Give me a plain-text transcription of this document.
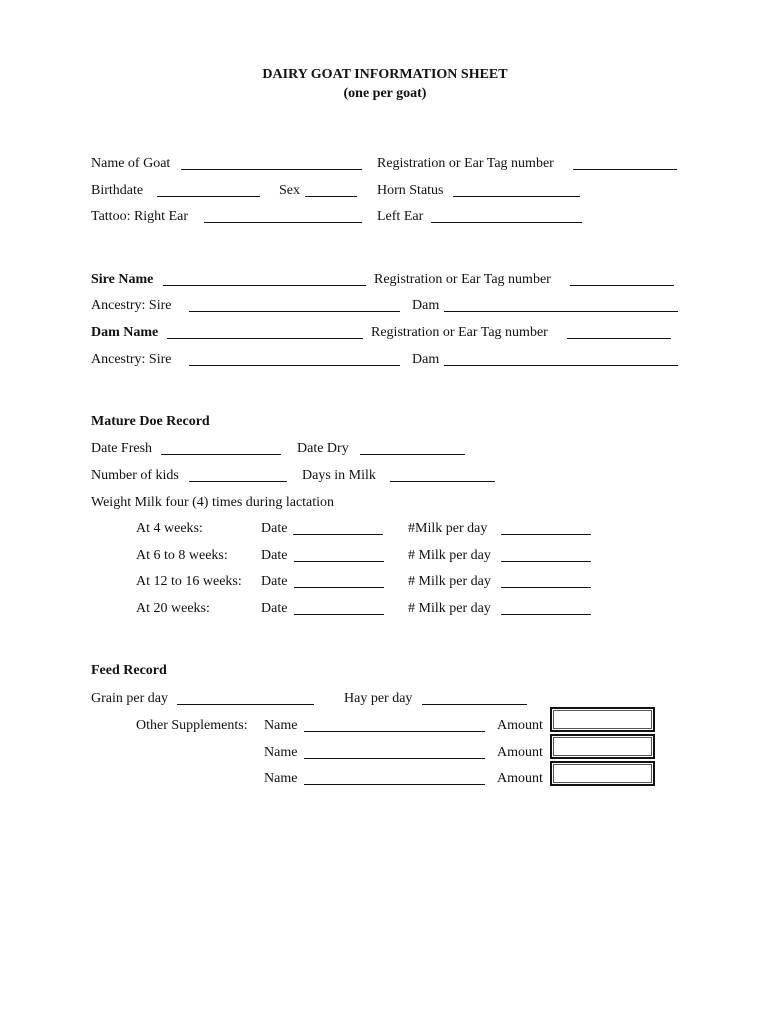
DAIRY GOAT INFORMATION SHEET
(one per goat)
Name of Goat	Registration or Ear Tag number
Birthdate	Sex	Horn Status
Tattoo: Right Ear	Left Ear
Sire Name	Registration or Ear Tag number
Ancestry: Sire	Dam
Dam Name	Registration or Ear Tag number
Ancestry: Sire	Dam
Mature Doe Record
Date Fresh	Date Dry
Number of kids	Days in Milk
Weight Milk four (4) times during lactation
At 4 weeks:	Date	#Milk per day
At 6 to 8 weeks: Date	# Milk per day
At 12 to 16 weeks: Date	# Milk per day
At 20 weeks:	Date	# Milk per day
Feed Record
Grain per day	Hay per day
Other Supplements: Name	Amount
Name	Amount
Name	Amount
